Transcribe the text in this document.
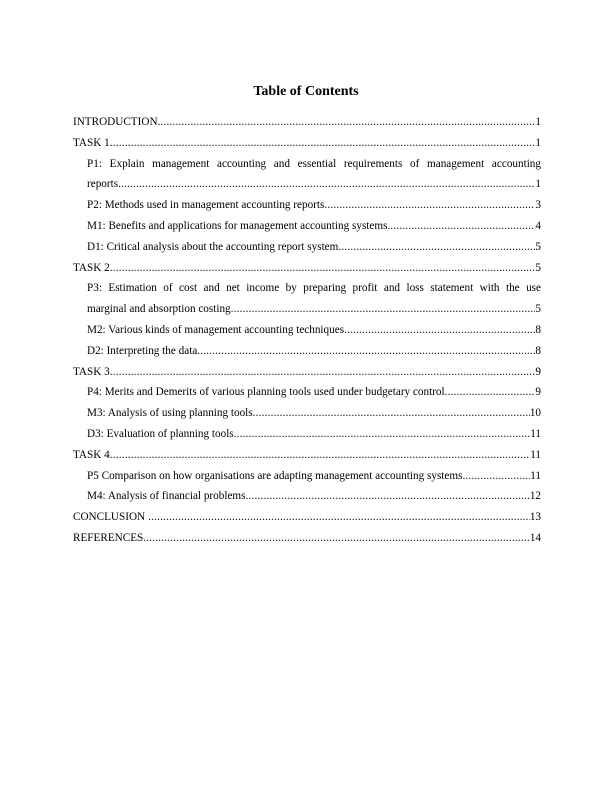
Table of Contents
INTRODUCTION .....	1
TASK 1 .....	1
P1: Explain management accounting and essential requirements of management accounting
reports .....	1
P2: Methods used in management accounting reports .....	3
M1: Benefits and applications for management accounting systems .....	4
D1: Critical analysis about the accounting report system .....	5
TASK 2 .....	5
P3: Estimation of cost and net income by preparing profit and loss statement with the use
marginal and absorption costing .....	5
M2: Various kinds of management accounting techniques .....	8
D2: Interpreting the data .....	8
TASK 3 .....	9
P4: Merits and Demerits of various planning tools used under budgetary control .....	9
M3: Analysis of using planning tools .....	10
D3: Evaluation of planning tools .....	11
TASK 4 .....	11
P5 Comparison on how organisations are adapting management accounting systems .....	11
M4: Analysis of financial problems .....	12
CONCLUSION .....	13
REFERENCES .....	14
